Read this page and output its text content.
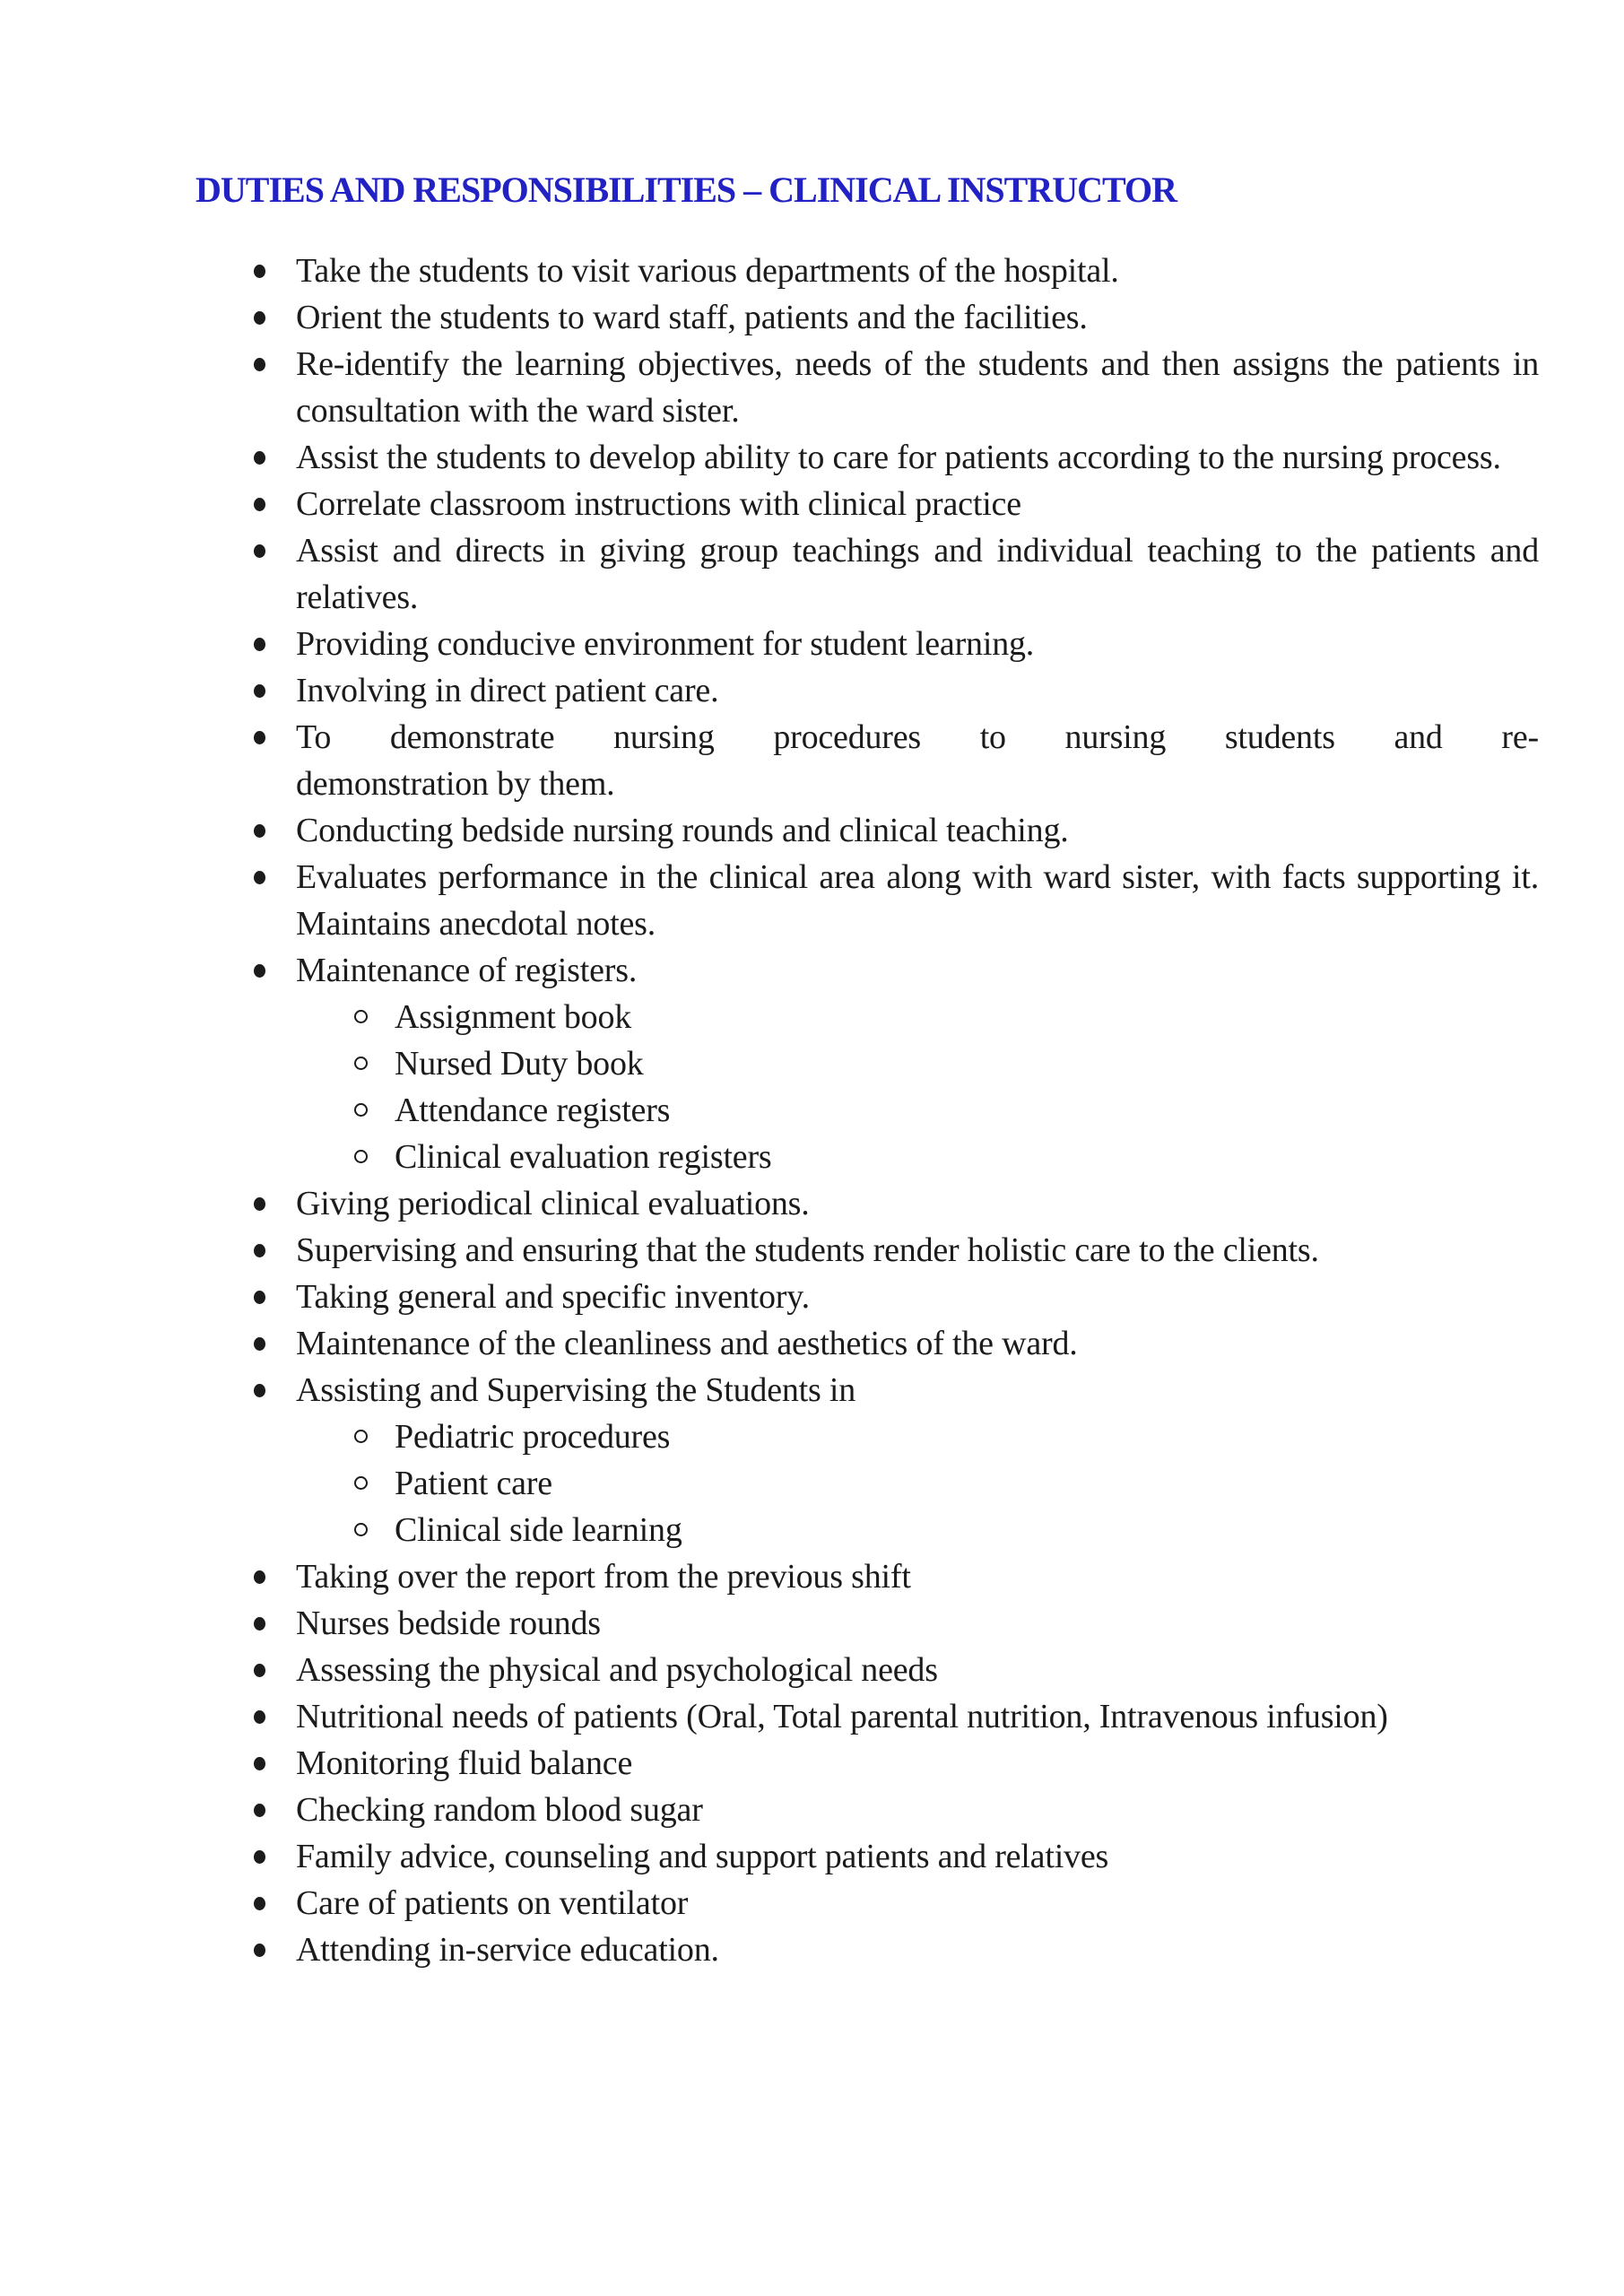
DUTIES AND RESPONSIBILITIES – CLINICAL INSTRUCTOR
Take the students to visit various departments of the hospital.
Orient the students to ward staff, patients and the facilities.
Re-identify the learning objectives, needs of the students and then assigns the patients in consultation with the ward sister.
Assist the students to develop ability to care for patients according to the nursing process.
Correlate classroom instructions with clinical practice
Assist and directs in giving group teachings and individual teaching to the patients and relatives.
Providing conducive environment for student learning.
Involving in direct patient care.
To demonstrate nursing procedures to nursing students and re-
demonstration by them.
Conducting bedside nursing rounds and clinical teaching.
Evaluates performance in the clinical area along with ward sister, with facts supporting it. Maintains anecdotal notes.
Maintenance of registers.
Assignment book
Nursed Duty book
Attendance registers
Clinical evaluation registers
Giving periodical clinical evaluations.
Supervising and ensuring that the students render holistic care to the clients.
Taking general and specific inventory.
Maintenance of the cleanliness and aesthetics of the ward.
Assisting and Supervising the Students in
Pediatric procedures
Patient care
Clinical side learning
Taking over the report from the previous shift
Nurses bedside rounds
Assessing the physical and psychological needs
Nutritional needs of patients (Oral, Total parental nutrition, Intravenous infusion)
Monitoring fluid balance
Checking random blood sugar
Family advice, counseling and support patients and relatives
Care of patients on ventilator
Attending in-service education.
